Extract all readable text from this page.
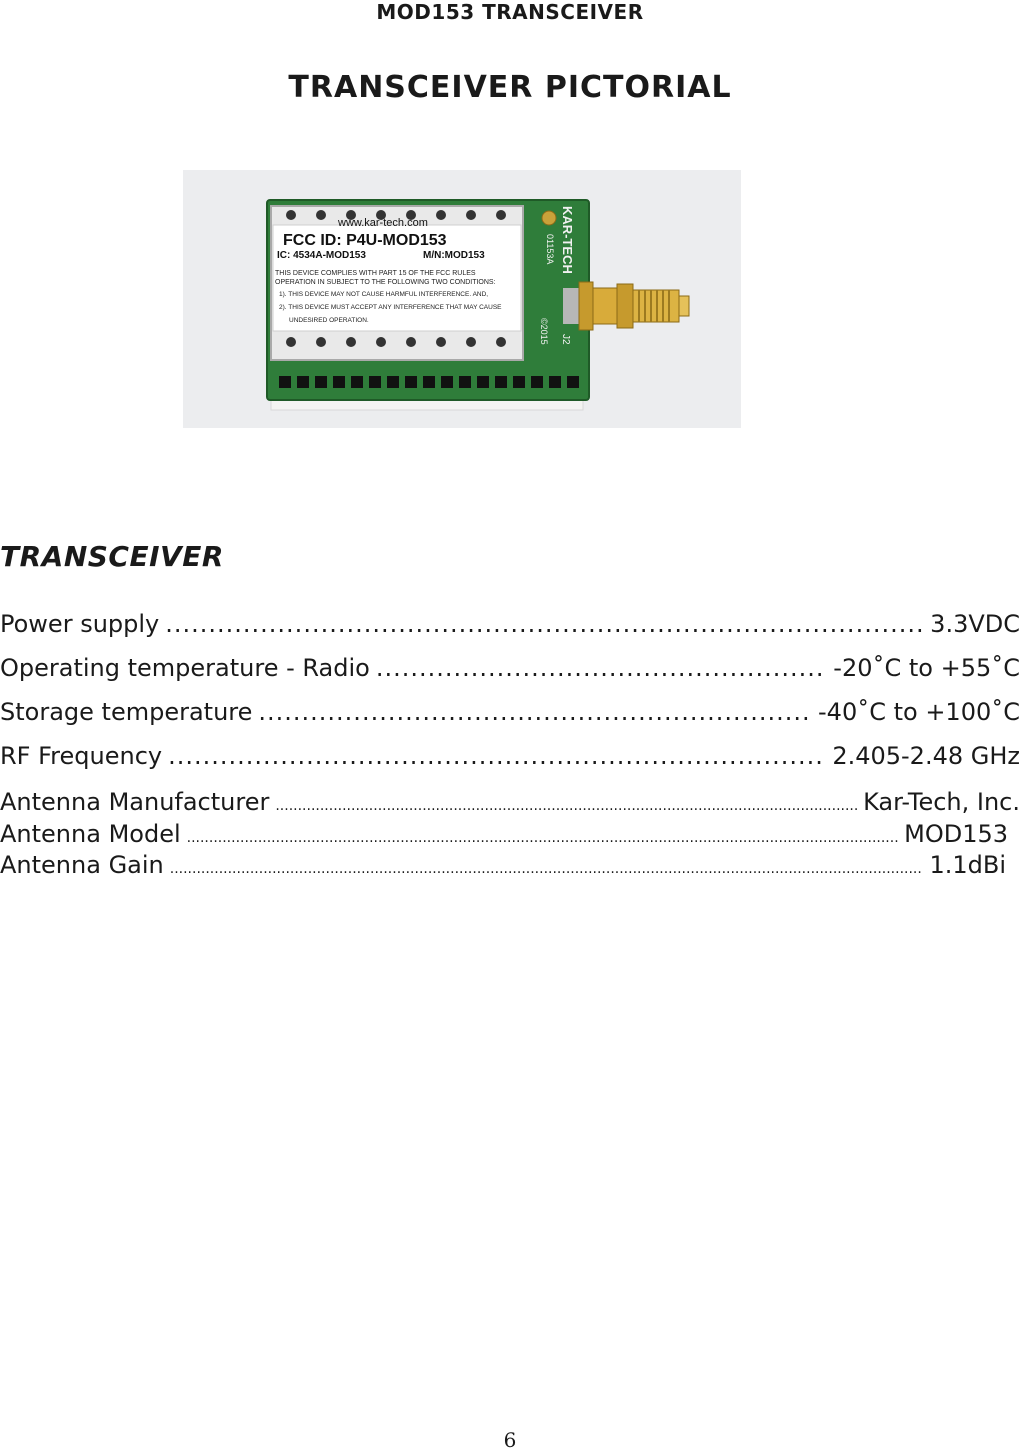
MOD153 TRANSCEIVER
TRANSCEIVER PICTORIAL
www.kar-tech.com
FCC ID: P4U-MOD153
IC: 4534A-MOD153	M/N:MOD153
THIS DEVICE COMPLIES WITH PART 15 OF THE FCC RULES
OPERATION IN SUBJECT TO THE FOLLOWING TWO CONDITIONS:
1). THIS DEVICE MAY NOT CAUSE HARMFUL INTERFERENCE. AND,
2). THIS DEVICE MUST ACCEPT ANY INTERFERENCE THAT MAY CAUSE
UNDESIRED OPERATION.
KAR-TECH
01153A
©2015 J2
TRANSCEIVER
Power supply .....	3.3VDC
Operating temperature - Radio .....	-20˚C to +55˚C
Storage temperature .....	-40˚C to +100˚C
RF Frequency .....	2.405-2.48 GHz
Antenna Manufacturer .....	Kar-Tech, Inc.
Antenna Model .....	MOD153
Antenna Gain .....	1.1dBi
6
